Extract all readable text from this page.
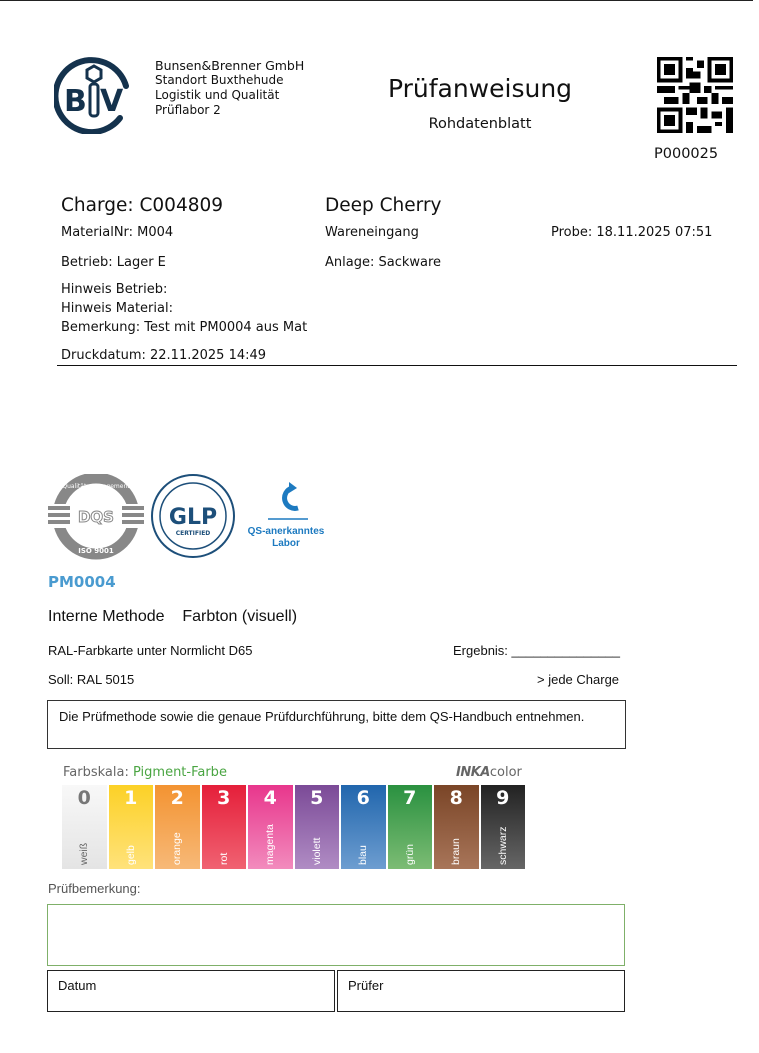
B V
Bunsen&Brenner GmbH
Standort Buxthehude
Logistik und Qualität
Prüflabor 2
Prüfanweisung
Rohdatenblatt
P000025
Charge: C004809	Deep Cherry
MaterialNr: M004	Wareneingang	Probe: 18.11.2025 07:51
Betrieb: Lager E	Anlage: Sackware
Hinweis Betrieb:
Hinweis Material:
Bemerkung: Test mit PM0004 aus Mat
Druckdatum: 22.11.2025 14:49
DQS
Qualitätsmanagement
ISO 9001
GLP
CERTIFIED	QS-anerkanntes
Labor
PM0004
Interne Methode Farbton (visuell)
RAL-Farbkarte unter Normlicht D65	Ergebnis: _______________
Soll: RAL 5015	> jede Charge
Die Prüfmethode sowie die genaue Prüfdurchführung, bitte dem QS-Handbuch entnehmen.
Farbskala: Pigment-Farbe	INKAcolor
0
weiß
1
gelb
2
orange
3
rot
4
magenta
5
violett
6
blau
7
grün
8
braun
9
schwarz
Prüfbemerkung:
Datum	Prüfer
